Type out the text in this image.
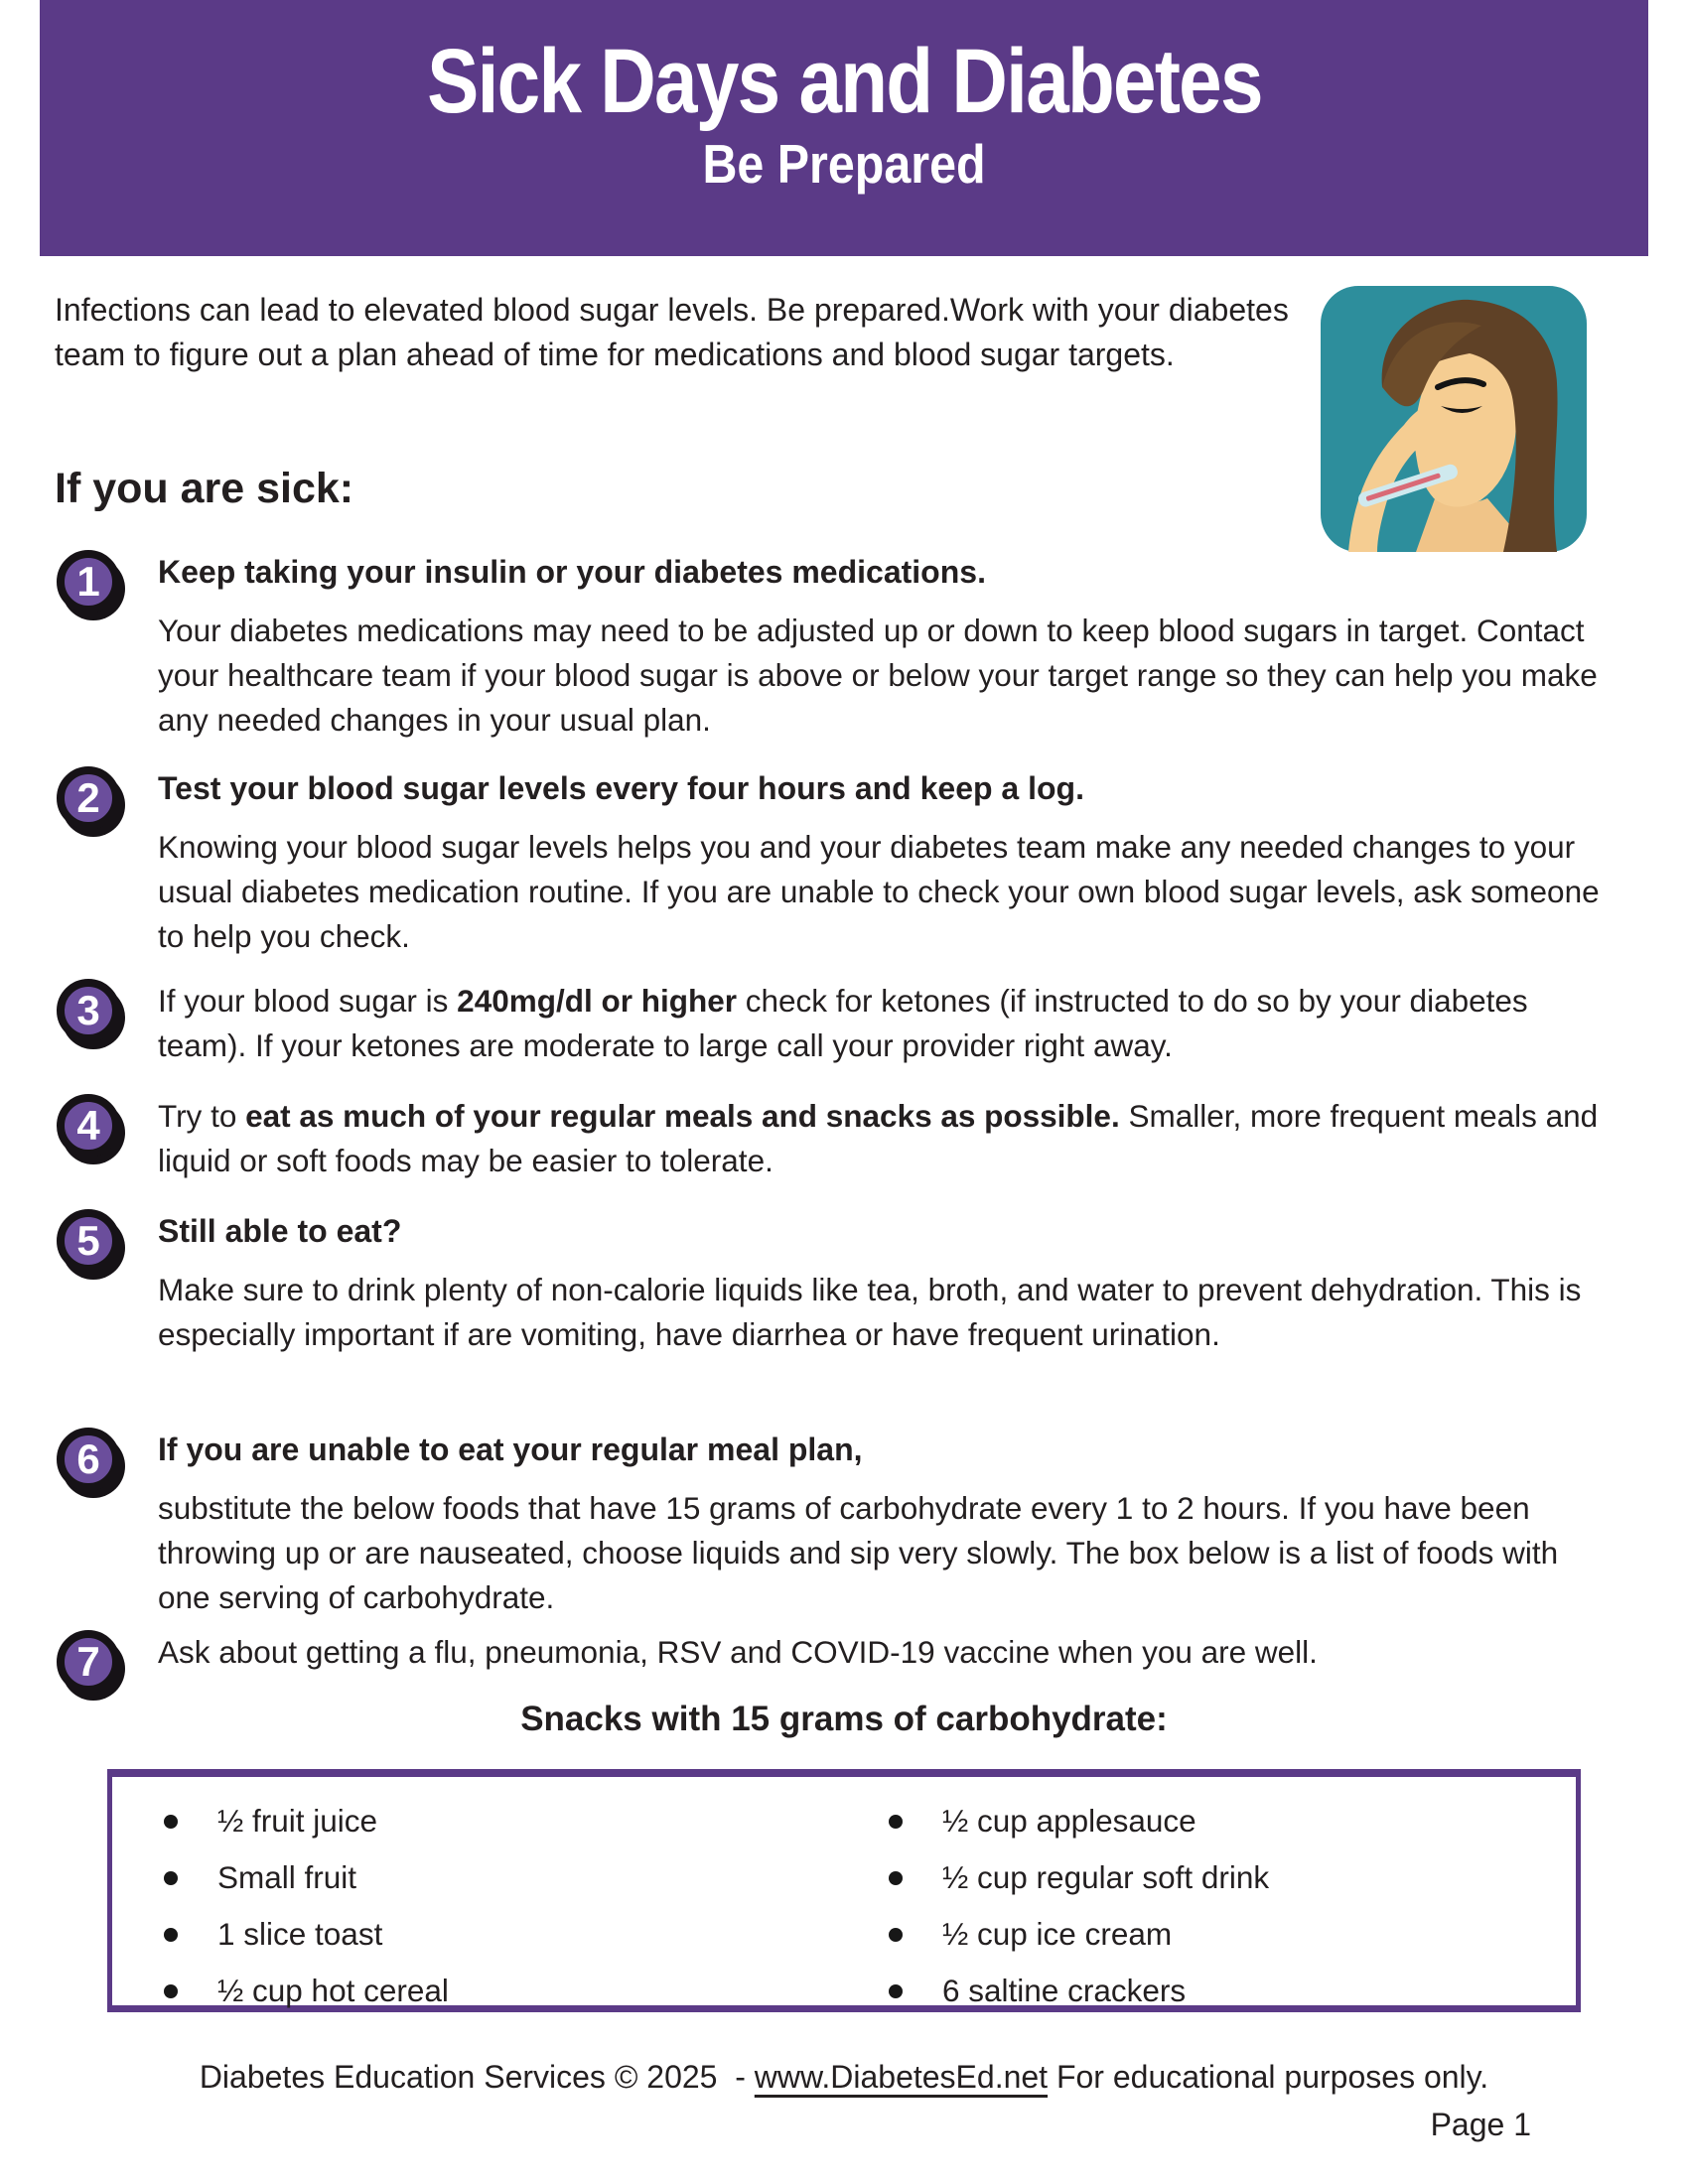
Sick Days and Diabetes
Be Prepared

Infections can lead to elevated blood sugar levels. Be prepared.Work with your diabetes team to figure out a plan ahead of time for medications and blood sugar targets.

If you are sick:
1	Keep taking your insulin or your diabetes medications.
Your diabetes medications may need to be adjusted up or down to keep blood sugars in target. Contact your healthcare team if your blood sugar is above or below your target range so they can help you make any needed changes in your usual plan.
2	Test your blood sugar levels every four hours and keep a log.
Knowing your blood sugar levels helps you and your diabetes team make any needed changes to your usual diabetes medication routine. If you are unable to check your own blood sugar levels, ask someone to help you check.
3	If your blood sugar is 240mg/dl or higher check for ketones (if instructed to do so by your diabetes team). If your ketones are moderate to large call your provider right away.
4	Try to eat as much of your regular meals and snacks as possible. Smaller, more frequent meals and liquid or soft foods may be easier to tolerate.
5	Still able to eat?
Make sure to drink plenty of non-calorie liquids like tea, broth, and water to prevent dehydration. This is especially important if are vomiting, have diarrhea or have frequent urination.
6	If you are unable to eat your regular meal plan,
substitute the below foods that have 15 grams of carbohydrate every 1 to 2 hours. If you have been throwing up or are nauseated, choose liquids and sip very slowly. The box below is a list of foods with one serving of carbohydrate.
7	Ask about getting a flu, pneumonia, RSV and COVID-19 vaccine when you are well.
Snacks with 15 grams of carbohydrate:
½ fruit juice
Small fruit
1 slice toast
½ cup hot cereal
½ cup applesauce
½ cup regular soft drink
½ cup ice cream
6 saltine crackers
Diabetes Education Services © 2025  - www.DiabetesEd.net For educational purposes only.
Page 1
